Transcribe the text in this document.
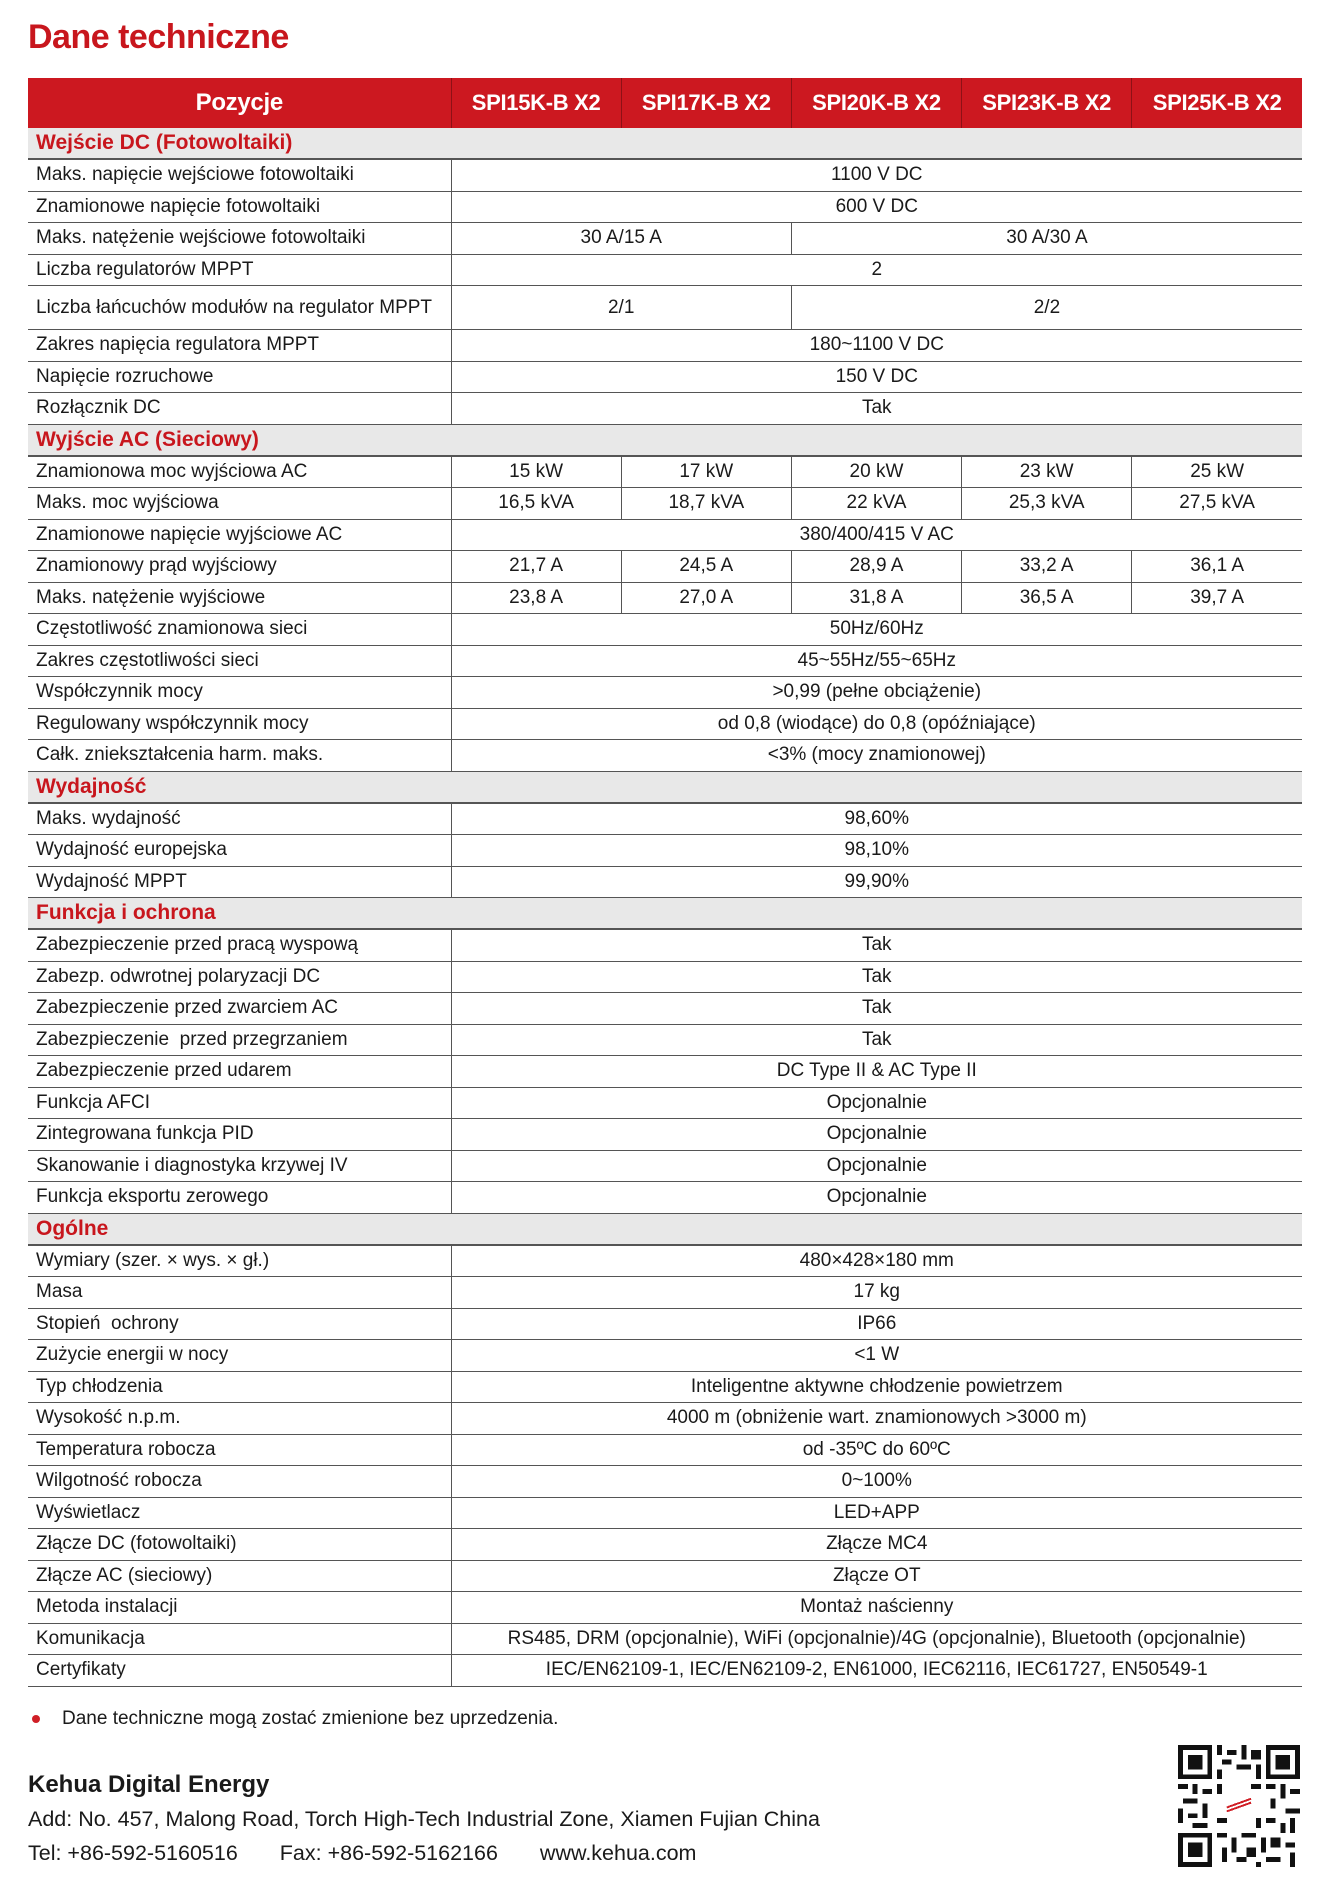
Dane techniczne
Pozycje	SPI15K-B X2	SPI17K-B X2	SPI20K-B X2	SPI23K-B X2	SPI25K-B X2
Wejście DC (Fotowoltaiki)					
Maks. napięcie wejściowe fotowoltaiki	1100 V DC				
Znamionowe napięcie fotowoltaiki	600 V DC				
Maks. natężenie wejściowe fotowoltaiki	30 A/15 A		30 A/30 A		
Liczba regulatorów MPPT	2				
Liczba łańcuchów modułów na regulator MPPT	2/1		2/2		
Zakres napięcia regulatora MPPT	180~1100 V DC				
Napięcie rozruchowe	150 V DC				
Rozłącznik DC	Tak				
Wyjście AC (Sieciowy)					
Znamionowa moc wyjściowa AC	15 kW	17 kW	20 kW	23 kW	25 kW
Maks. moc wyjściowa	16,5 kVA	18,7 kVA	22 kVA	25,3 kVA	27,5 kVA
Znamionowe napięcie wyjściowe AC	380/400/415 V AC				
Znamionowy prąd wyjściowy	21,7 A	24,5 A	28,9 A	33,2 A	36,1 A
Maks. natężenie wyjściowe	23,8 A	27,0 A	31,8 A	36,5 A	39,7 A
Częstotliwość znamionowa sieci	50Hz/60Hz				
Zakres częstotliwości sieci	45~55Hz/55~65Hz				
Współczynnik mocy	>0,99 (pełne obciążenie)				
Regulowany współczynnik mocy	od 0,8 (wiodące) do 0,8 (opóźniające)				
Całk. zniekształcenia harm. maks.	<3% (mocy znamionowej)				
Wydajność					
Maks. wydajność	98,60%				
Wydajność europejska	98,10%				
Wydajność MPPT	99,90%				
Funkcja i ochrona					
Zabezpieczenie przed pracą wyspową	Tak				
Zabezp. odwrotnej polaryzacji DC	Tak				
Zabezpieczenie przed zwarciem AC	Tak				
Zabezpieczenie  przed przegrzaniem	Tak				
Zabezpieczenie przed udarem	DC Type II & AC Type II				
Funkcja AFCI	Opcjonalnie				
Zintegrowana funkcja PID	Opcjonalnie				
Skanowanie i diagnostyka krzywej IV	Opcjonalnie				
Funkcja eksportu zerowego	Opcjonalnie				
Ogólne					
Wymiary (szer. × wys. × gł.)	480×428×180 mm				
Masa	17 kg				
Stopień  ochrony	IP66				
Zużycie energii w nocy	<1 W				
Typ chłodzenia	Inteligentne aktywne chłodzenie powietrzem				
Wysokość n.p.m.	4000 m (obniżenie wart. znamionowych >3000 m)				
Temperatura robocza	od -35ºC do 60ºC				
Wilgotność robocza	0~100%				
Wyświetlacz	LED+APP				
Złącze DC (fotowoltaiki)	Złącze MC4				
Złącze AC (sieciowy)	Złącze OT				
Metoda instalacji	Montaż naścienny				
Komunikacja	RS485, DRM (opcjonalnie), WiFi (opcjonalnie)/4G (opcjonalnie), Bluetooth (opcjonalnie)				
Certyfikaty	IEC/EN62109-1, IEC/EN62109-2, EN61000, IEC62116, IEC61727, EN50549-1				
Dane techniczne mogą zostać zmienione bez uprzedzenia.
Kehua Digital Energy
Add: No. 457, Malong Road, Torch High-Tech Industrial Zone, Xiamen Fujian China
Tel: +86-592-5160516 Fax: +86-592-5162166 www.kehua.com
